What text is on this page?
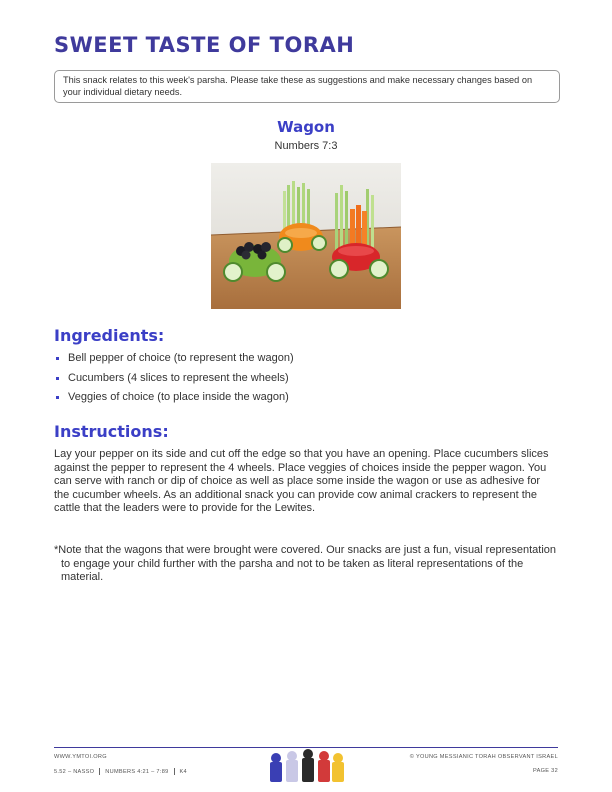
SWEET TASTE OF TORAH
This snack relates to this week's parsha. Please take these as suggestions and make necessary changes based on your individual dietary needs.
Wagon
Numbers 7:3
Ingredients:
Bell pepper of choice (to represent the wagon)
Cucumbers (4 slices to represent the wheels)
Veggies of choice (to place inside the wagon)
Instructions:

Lay your pepper on its side and cut off the edge so that you have an opening. Place cucumbers slices against the pepper to represent the 4 wheels. Place veggies of choices inside the pepper wagon. You can serve with ranch or dip of choice as well as place some inside the wagon or use as adhesive for the cucumber wheels. As an additional snack you can provide cow animal crackers to represent the cattle that the leaders were to provide for the Lewites.

*Note that the wagons that were brought were covered. Our snacks are just a fun, visual representation to engage your child further with the parsha and not to be taken as literal representations of the material.

WWW.YMTOI.ORG
5.52 – NASSO NUMBERS 4:21 – 7:89 K4
© YOUNG MESSIANIC TORAH OBSERVANT ISRAEL
PAGE 32
